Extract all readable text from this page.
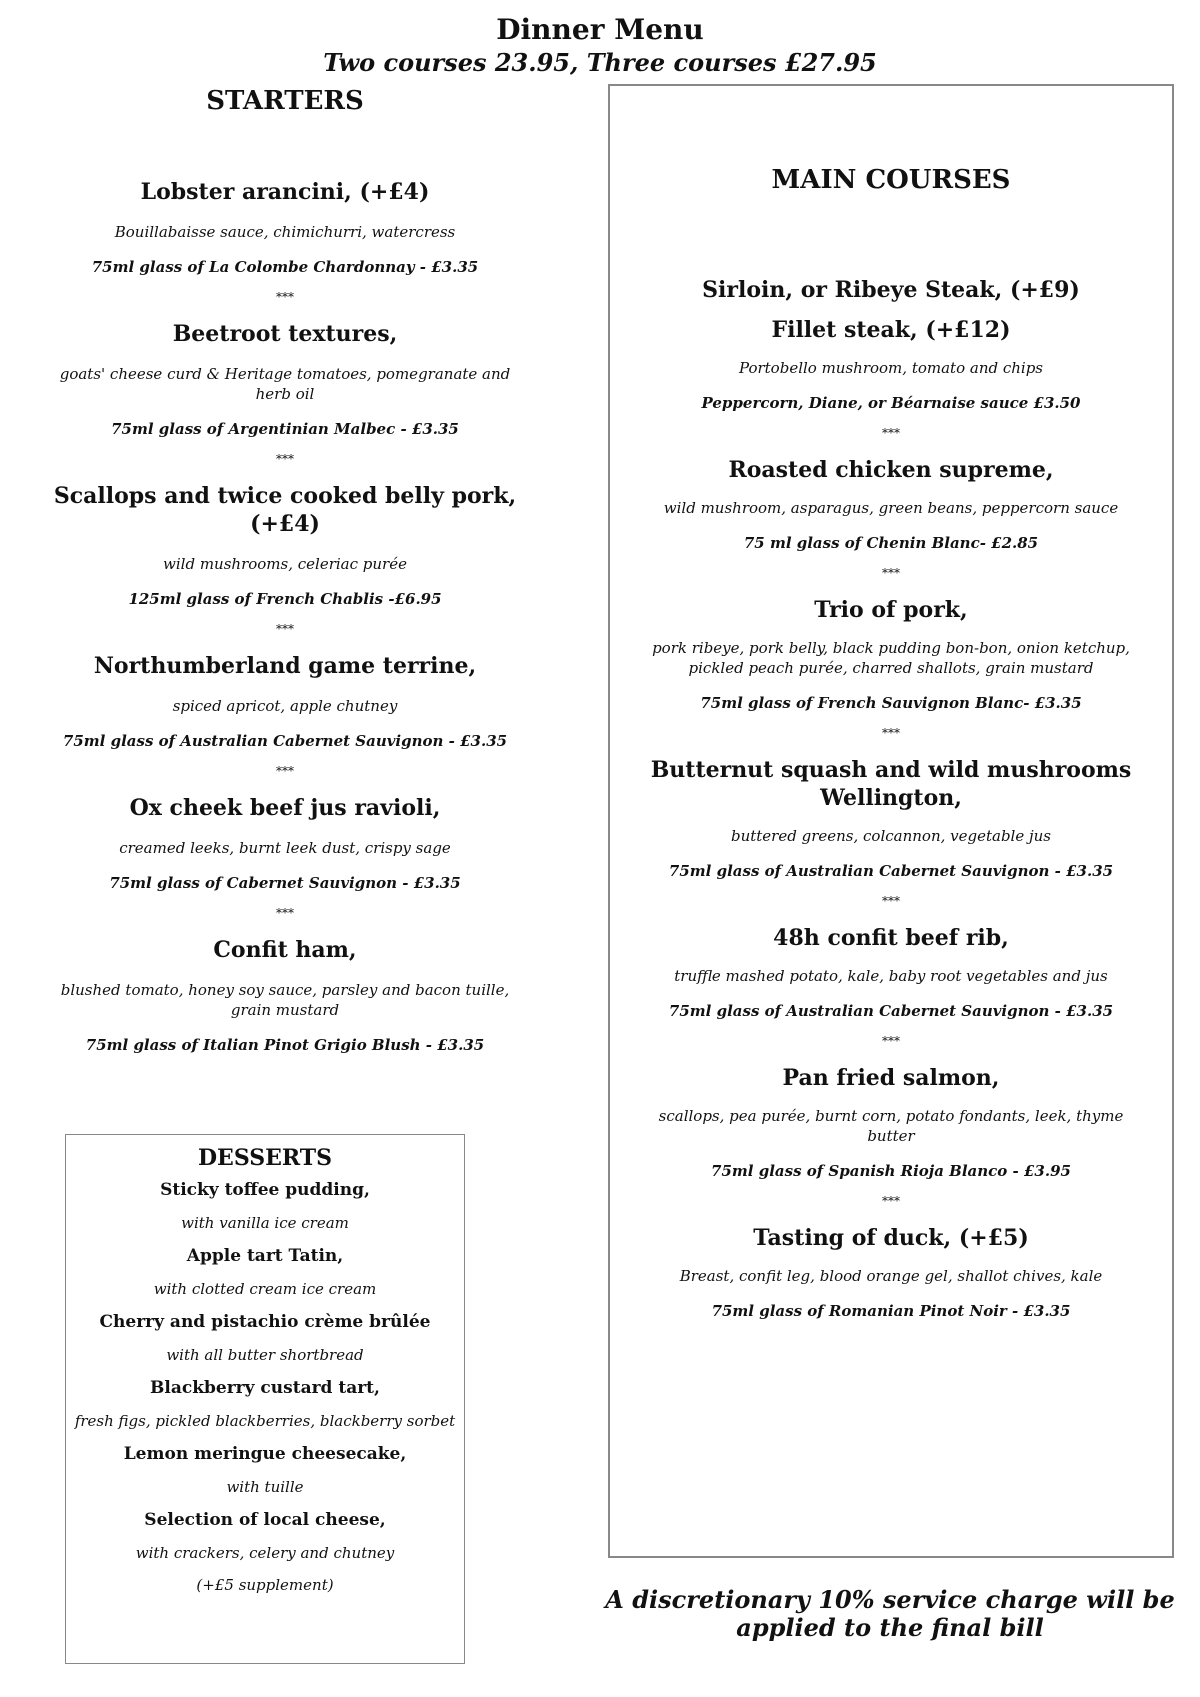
Dinner Menu
Two courses 23.95, Three courses £27.95
STARTERS
Lobster arancini, (+£4)
Bouillabaisse sauce, chimichurri, watercress
75ml glass of La Colombe Chardonnay - £3.35
***
Beetroot textures,
goats' cheese curd & Heritage tomatoes, pomegranate and herb oil
75ml glass of Argentinian Malbec - £3.35
***
Scallops and twice cooked belly pork, (+£4)
wild mushrooms, celeriac purée
125ml glass of French Chablis -£6.95
***
Northumberland game terrine,
spiced apricot, apple chutney
75ml glass of Australian Cabernet Sauvignon - £3.35
***
Ox cheek beef jus ravioli,
creamed leeks, burnt leek dust, crispy sage
75ml glass of Cabernet Sauvignon - £3.35
***
Confit ham,
blushed tomato, honey soy sauce, parsley and bacon tuille, grain mustard
75ml glass of Italian Pinot Grigio Blush - £3.35
DESSERTS
Sticky toffee pudding,
with vanilla ice cream
Apple tart Tatin,
with clotted cream ice cream
Cherry and pistachio crème brûlée
with all butter shortbread
Blackberry custard tart,
fresh figs, pickled blackberries, blackberry sorbet
Lemon meringue cheesecake,
with tuille
Selection of local cheese,
with crackers, celery and chutney
(+£5 supplement)
MAIN COURSES
Sirloin, or Ribeye Steak, (+£9)
Fillet steak, (+£12)
Portobello mushroom, tomato and chips
Peppercorn, Diane, or Béarnaise sauce £3.50
***
Roasted chicken supreme,
wild mushroom, asparagus, green beans, peppercorn sauce
75 ml glass of Chenin Blanc- £2.85
***
Trio of pork,
pork ribeye, pork belly, black pudding bon-bon, onion ketchup, pickled peach purée, charred shallots, grain mustard
75ml glass of French Sauvignon Blanc- £3.35
***
Butternut squash and wild mushrooms Wellington,
buttered greens, colcannon, vegetable jus
75ml glass of Australian Cabernet Sauvignon - £3.35
***
48h confit beef rib,
truffle mashed potato, kale, baby root vegetables and jus
75ml glass of Australian Cabernet Sauvignon - £3.35
***
Pan fried salmon,
scallops, pea purée, burnt corn, potato fondants, leek, thyme butter
75ml glass of Spanish Rioja Blanco - £3.95
***
Tasting of duck, (+£5)
Breast, confit leg, blood orange gel, shallot chives, kale
75ml glass of Romanian Pinot Noir - £3.35
A discretionary 10% service charge will be applied to the final bill
